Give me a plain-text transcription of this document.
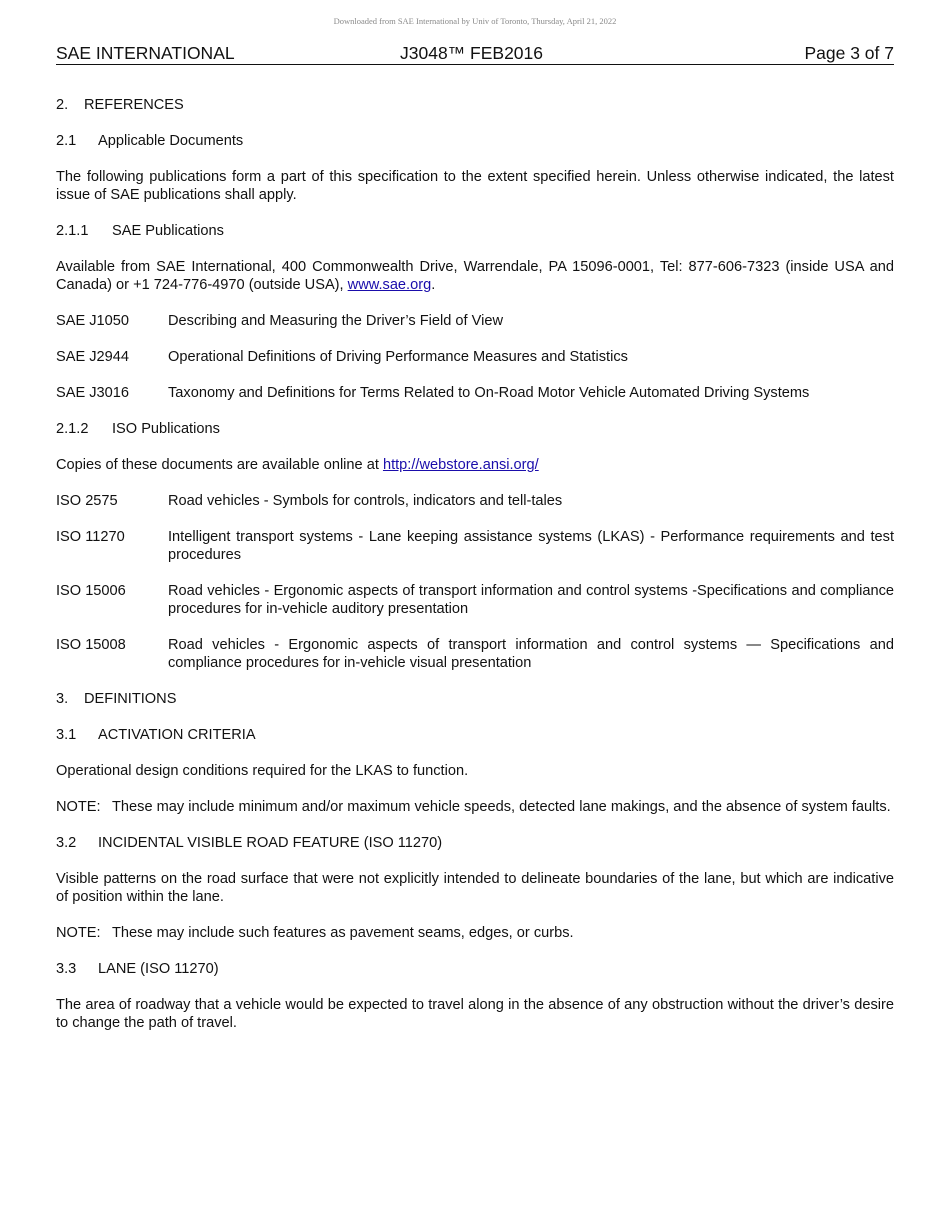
Downloaded from SAE International by Univ of Toronto, Thursday, April 21, 2022
SAE INTERNATIONAL	J3048™ FEB2016	Page 3 of 7
2. REFERENCES
2.1 Applicable Documents
The following publications form a part of this specification to the extent specified herein. Unless otherwise indicated, the latest issue of SAE publications shall apply.
2.1.1 SAE Publications
Available from SAE International, 400 Commonwealth Drive, Warrendale, PA 15096-0001, Tel: 877-606-7323 (inside USA and Canada) or +1 724-776-4970 (outside USA), www.sae.org.
SAE J1050	Describing and Measuring the Driver’s Field of View
SAE J2944	Operational Definitions of Driving Performance Measures and Statistics
SAE J3016	Taxonomy and Definitions for Terms Related to On-Road Motor Vehicle Automated Driving Systems
2.1.2 ISO Publications
Copies of these documents are available online at http://webstore.ansi.org/
ISO 2575	Road vehicles - Symbols for controls, indicators and tell-tales
ISO 11270	Intelligent transport systems - Lane keeping assistance systems (LKAS) - Performance requirements and test procedures
ISO 15006	Road vehicles - Ergonomic aspects of transport information and control systems -Specifications and compliance procedures for in-vehicle auditory presentation
ISO 15008	Road vehicles - Ergonomic aspects of transport information and control systems — Specifications and compliance procedures for in-vehicle visual presentation
3. DEFINITIONS
3.1 ACTIVATION CRITERIA
Operational design conditions required for the LKAS to function.
NOTE: These may include minimum and/or maximum vehicle speeds, detected lane makings, and the absence of system faults.
3.2 INCIDENTAL VISIBLE ROAD FEATURE (ISO 11270)
Visible patterns on the road surface that were not explicitly intended to delineate boundaries of the lane, but which are indicative of position within the lane.
NOTE: These may include such features as pavement seams, edges, or curbs.
3.3 LANE (ISO 11270)
The area of roadway that a vehicle would be expected to travel along in the absence of any obstruction without the driver’s desire to change the path of travel.
